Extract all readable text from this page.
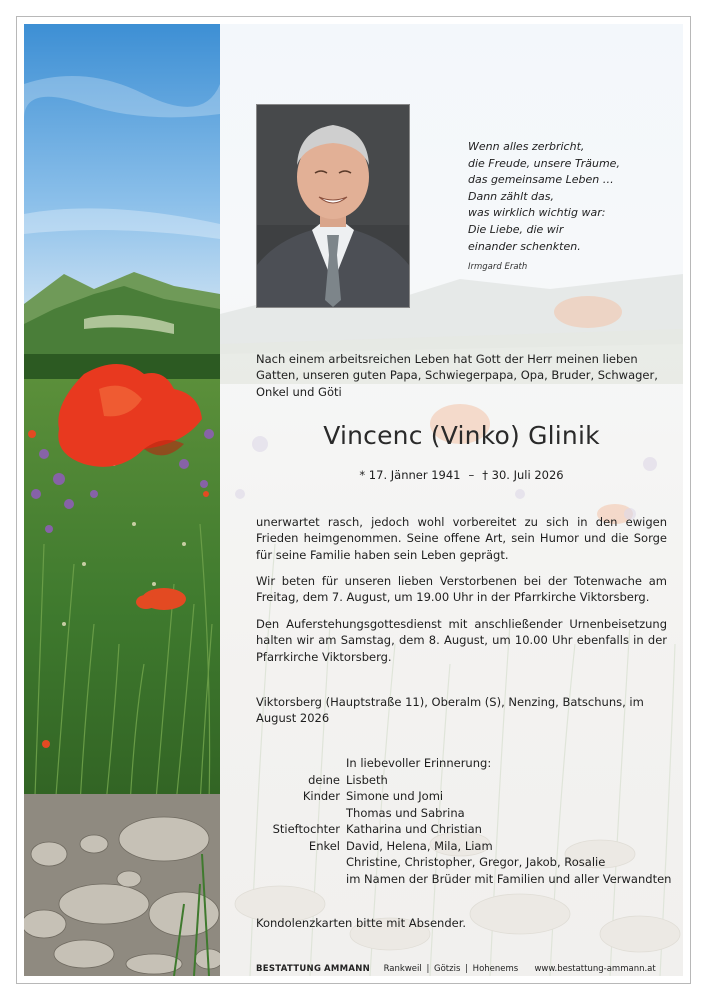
Wenn alles zerbricht,
die Freude, unsere Träume,
das gemeinsame Leben …
Dann zählt das,
was wirklich wichtig war:
Die Liebe, die wir
einander schenkten.
Irmgard Erath
Nach einem arbeitsreichen Leben hat Gott der Herr meinen lieben Gatten, unseren guten Papa, Schwiegerpapa, Opa, Bruder, Schwager, Onkel und Göti
Vincenc (Vinko) Glinik
* 17. Jänner 1941 – † 30. Juli 2026
unerwartet rasch, jedoch wohl vorbereitet zu sich in den ewigen Frieden heimgenommen. Seine offene Art, sein Humor und die Sorge für seine Familie haben sein Leben geprägt.
Wir beten für unseren lieben Verstorbenen bei der Totenwache am Freitag, dem 7. August, um 19.00 Uhr in der Pfarrkirche Viktorsberg.
Den Auferstehungsgottesdienst mit anschließender Urnenbeisetzung halten wir am Samstag, dem 8. August, um 10.00 Uhr ebenfalls in der Pfarrkirche Viktorsberg.
Viktorsberg (Hauptstraße 11), Oberalm (S), Nenzing, Batschuns, im August 2026
In liebevoller Erinnerung:
deine Lisbeth
Kinder Simone und Jomi
Thomas und Sabrina
Stieftochter Katharina und Christian
Enkel David, Helena, Mila, Liam
Christine, Christopher, Gregor, Jakob, Rosalie
im Namen der Brüder mit Familien und aller Verwandten
Kondolenzkarten bitte mit Absender.
BESTATTUNG AMMANN Rankweil | Götzis | Hohenems www.bestattung-ammann.at
